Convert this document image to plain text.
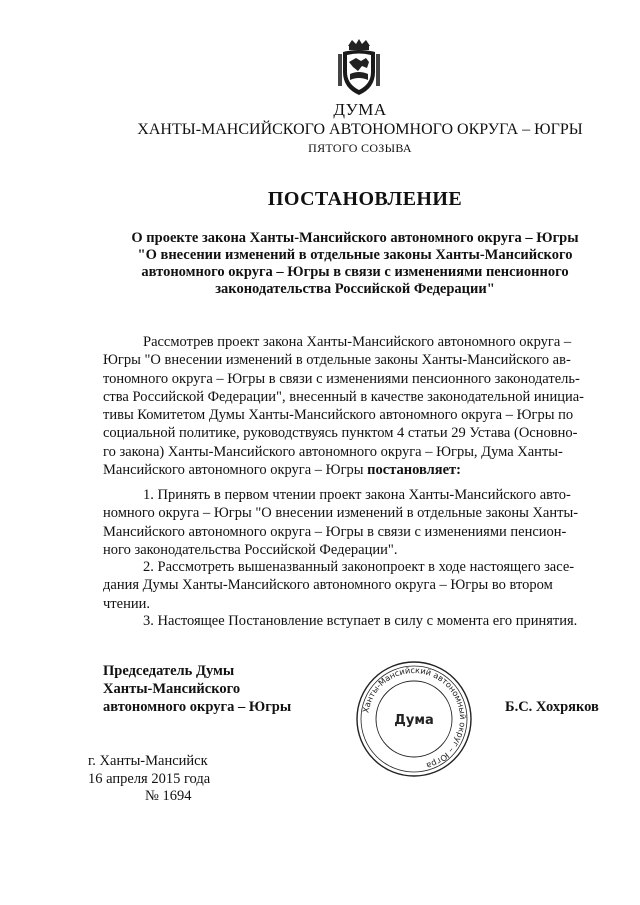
ДУМА
ХАНТЫ-МАНСИЙСКОГО АВТОНОМНОГО ОКРУГА – ЮГРЫ
ПЯТОГО СОЗЫВА
ПОСТАНОВЛЕНИЕ
О проекте закона Ханты-Мансийского автономного округа – Югры
"О внесении изменений в отдельные законы Ханты-Мансийского
автономного округа – Югры в связи с изменениями пенсионного
законодательства Российской Федерации"
Рассмотрев проект закона Ханты-Мансийского автономного округа –
Югры "О внесении изменений в отдельные законы Ханты-Мансийского ав-
тономного округа – Югры в связи с изменениями пенсионного законодатель-
ства Российской Федерации", внесенный в качестве законодательной инициа-
тивы Комитетом Думы Ханты-Мансийского автономного округа – Югры по
социальной политике, руководствуясь пунктом 4 статьи 29 Устава (Основно-
го закона) Ханты-Мансийского автономного округа – Югры, Дума Ханты-
Мансийского автономного округа – Югры постановляет:
1. Принять в первом чтении проект закона Ханты-Мансийского авто-
номного округа – Югры "О внесении изменений в отдельные законы Ханты-
Мансийского автономного округа – Югры в связи с изменениями пенсион-
ного законодательства Российской Федерации".
2. Рассмотреть вышеназванный законопроект в ходе настоящего засе-
дания Думы Ханты-Мансийского автономного округа – Югры во втором
чтении.
3. Настоящее Постановление вступает в силу с момента его принятия.
Председатель Думы
Ханты-Мансийского
автономного округа – Югры	Ханты-Мансийский автономный округ – Югра
Дума
Б.С. Хохряков
г. Ханты-Мансийск
16 апреля 2015 года
№ 1694
